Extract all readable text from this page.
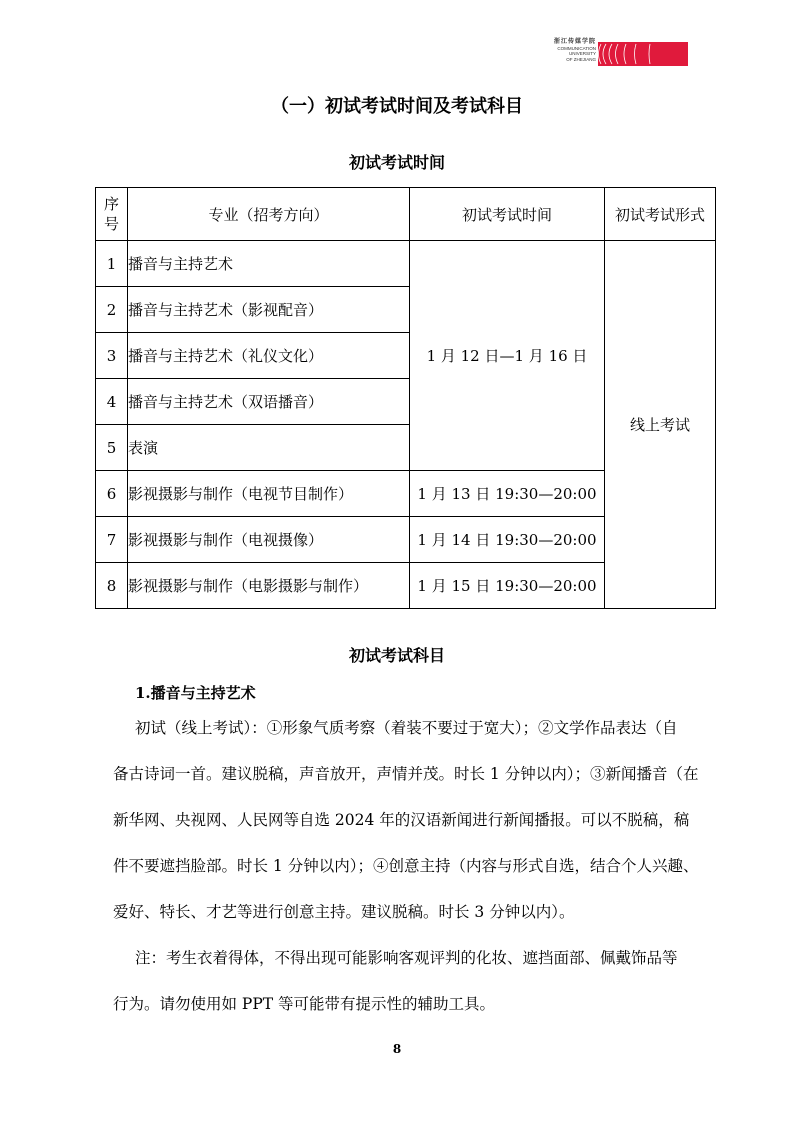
浙江传媒学院
COMMUNICATION
UNIVERSITY
OF ZHEJIANG
（一）初试考试时间及考试科目
初试考试时间
序号	专业（招考方向）	初试考试时间	初试考试形式
1	播音与主持艺术	1 月 12 日—1 月 16 日	线上考试
2	播音与主持艺术（影视配音）		
3	播音与主持艺术（礼仪文化）		
4	播音与主持艺术（双语播音）		
5	表演		
6	影视摄影与制作（电视节目制作）	1 月 13 日 19:30—20:00	
7	影视摄影与制作（电视摄像）	1 月 14 日 19:30—20:00	
8	影视摄影与制作（电影摄影与制作）	1 月 15 日 19:30—20:00	
初试考试科目
1.播音与主持艺术
初试（线上考试）：①形象气质考察（着装不要过于宽大）；②文学作品表达（自
备古诗词一首。建议脱稿，声音放开，声情并茂。时长 1 分钟以内）；③新闻播音（在
新华网、央视网、人民网等自选 2024 年的汉语新闻进行新闻播报。可以不脱稿，稿
件不要遮挡脸部。时长 1 分钟以内）；④创意主持（内容与形式自选，结合个人兴趣、
爱好、特长、才艺等进行创意主持。建议脱稿。时长 3 分钟以内）。
注：考生衣着得体，不得出现可能影响客观评判的化妆、遮挡面部、佩戴饰品等
行为。请勿使用如 PPT 等可能带有提示性的辅助工具。
8
